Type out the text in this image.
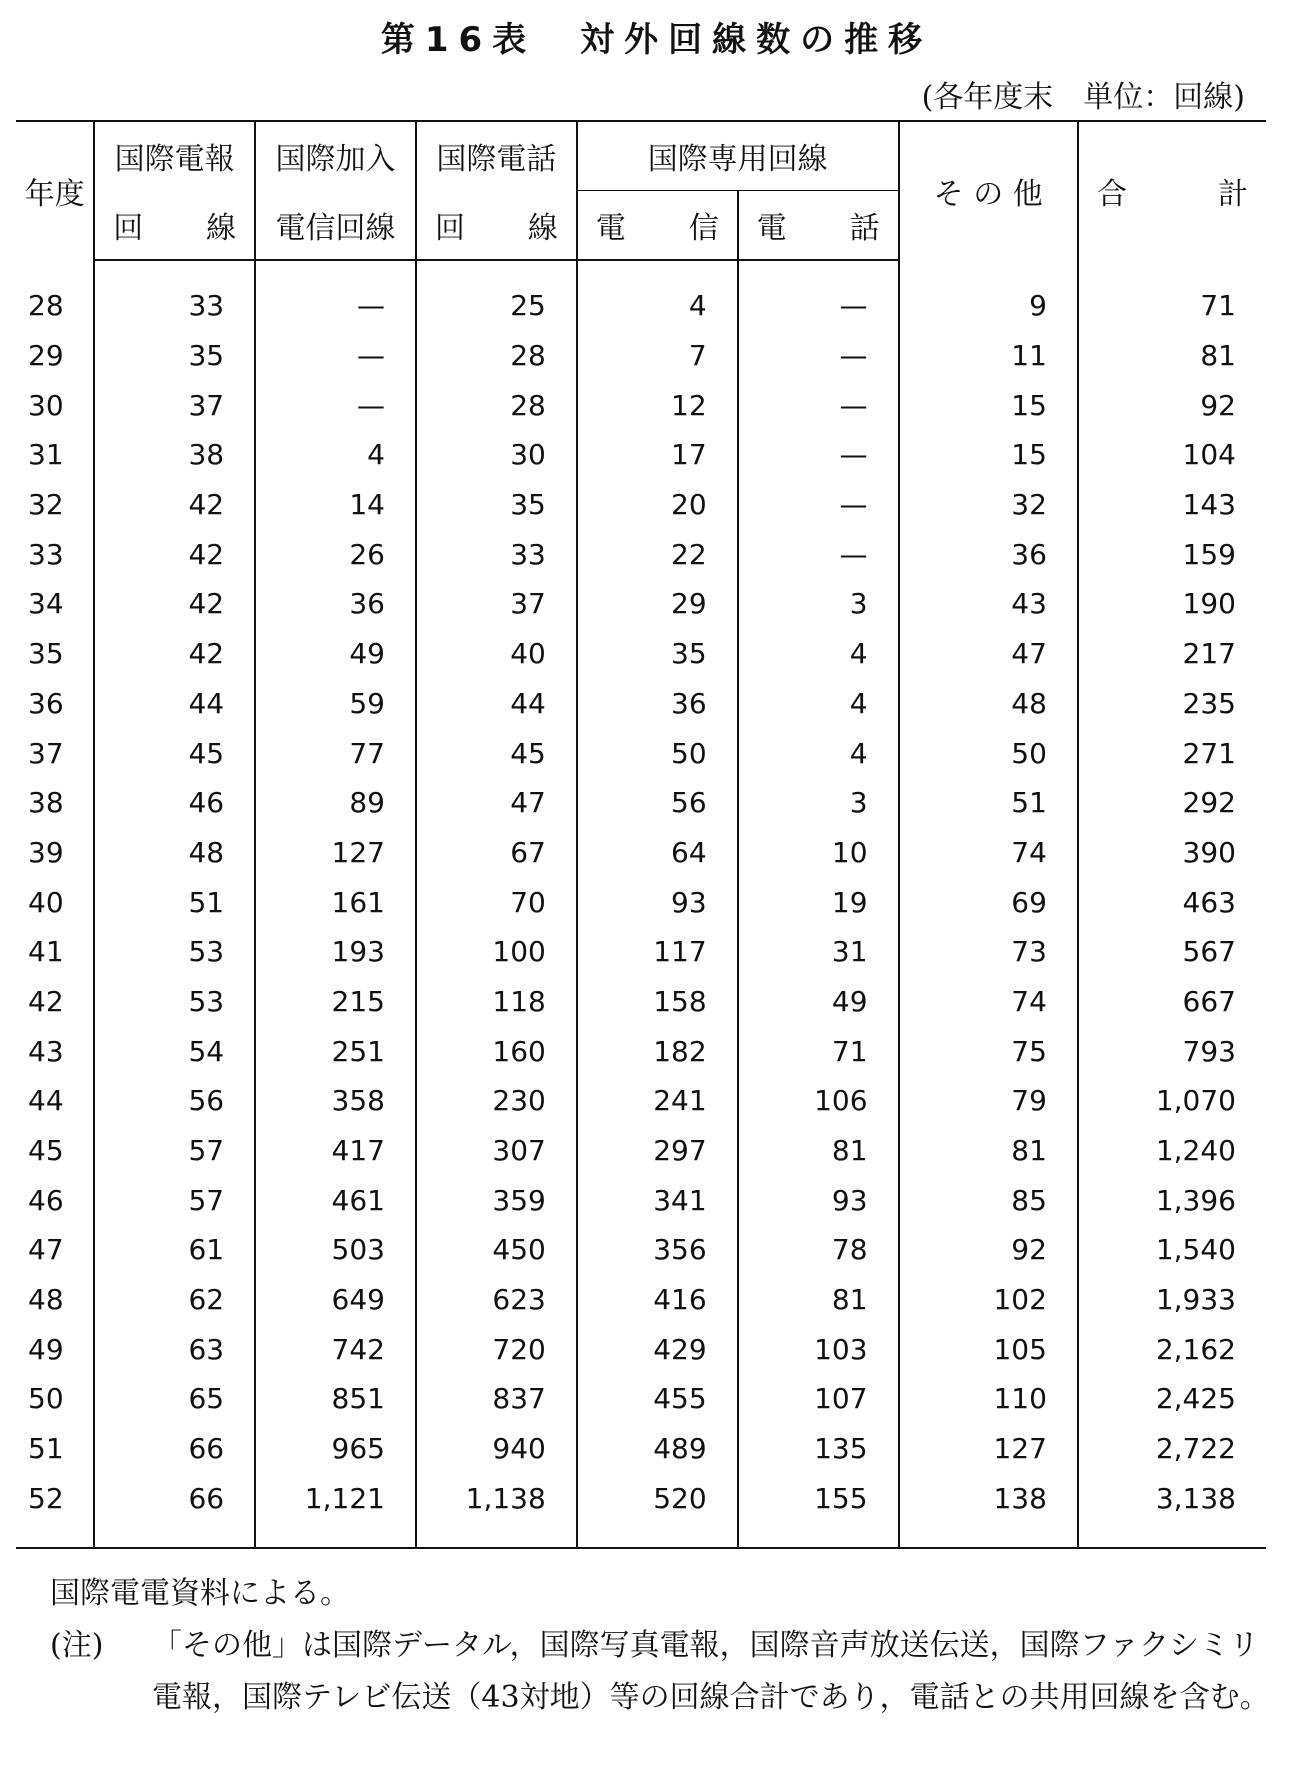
第16表　対外回線数の推移
(各年度末　単位：回線)
年度	国際電報	国際加入	国際電話	国際専用回線		そ の 他	合 計

	回 線	電信回線	回 線	電 信	電 話		

28	33	—	25	4	—	9	71
29	35	—	28	7	—	11	81
30	37	—	28	12	—	15	92
31	38	4	30	17	—	15	104
32	42	14	35	20	—	32	143
33	42	26	33	22	—	36	159
34	42	36	37	29	3	43	190
35	42	49	40	35	4	47	217
36	44	59	44	36	4	48	235
37	45	77	45	50	4	50	271
38	46	89	47	56	3	51	292
39	48	127	67	64	10	74	390
40	51	161	70	93	19	69	463
41	53	193	100	117	31	73	567
42	53	215	118	158	49	74	667
43	54	251	160	182	71	75	793
44	56	358	230	241	106	79	1,070
45	57	417	307	297	81	81	1,240
46	57	461	359	341	93	85	1,396
47	61	503	450	356	78	92	1,540
48	62	649	623	416	81	102	1,933
49	63	742	720	429	103	105	2,162
50	65	851	837	455	107	110	2,425
51	66	965	940	489	135	127	2,722
52	66	1,121	1,138	520	155	138	3,138

国際電電資料による。
(注)	「その他」は国際データル，国際写真電報，国際音声放送伝送，国際ファクシミリ電報，国際テレビ伝送（43対地）等の回線合計であり，電話との共用回線を含む。
